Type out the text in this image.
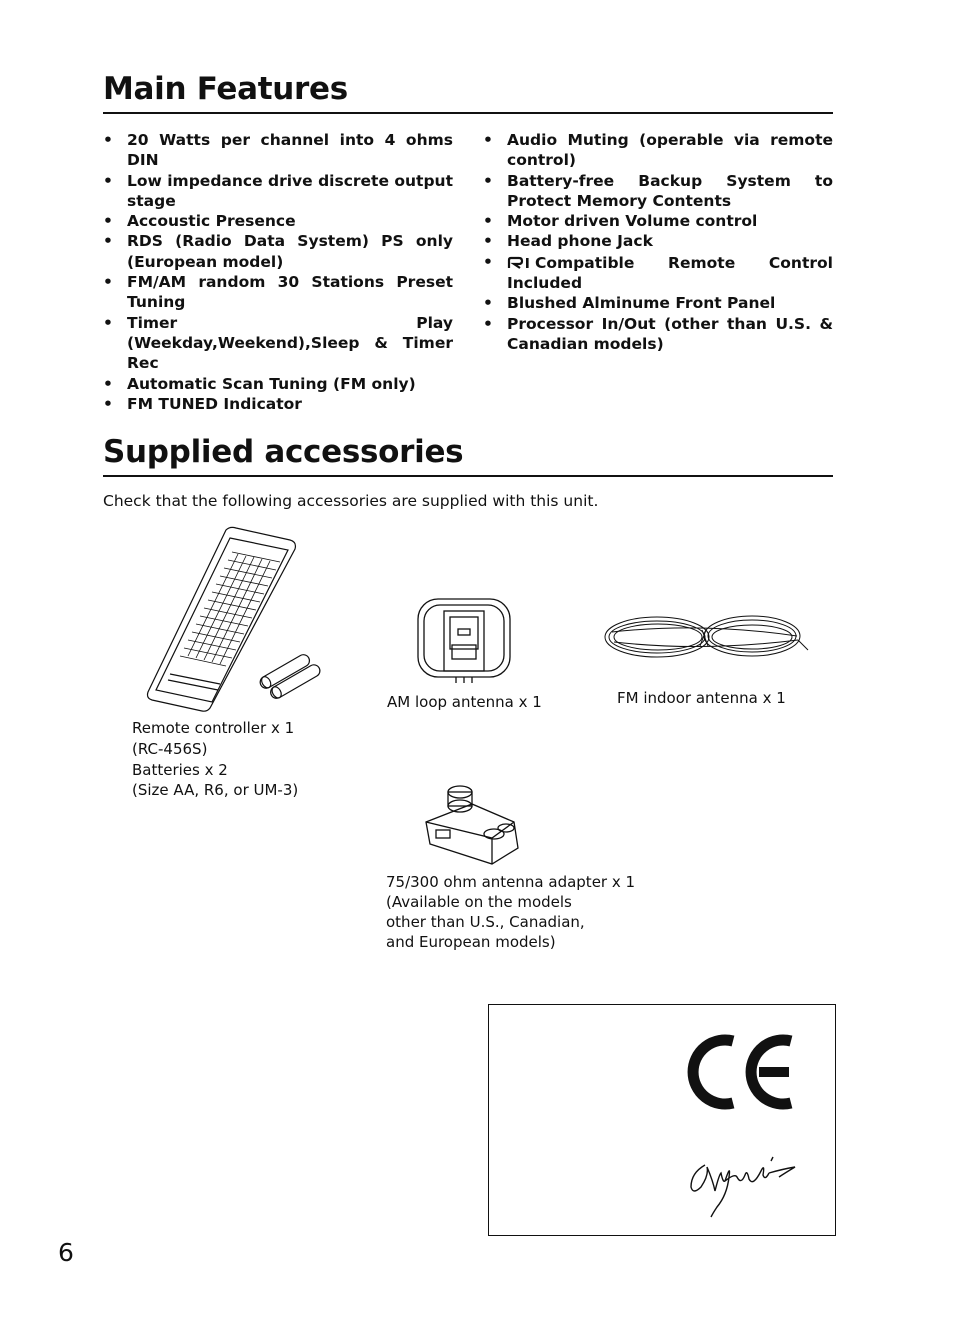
Main Features
• 20 Watts per channel into 4 ohms DIN
• Low impedance drive discrete output stage
• Accoustic Presence
• RDS (Radio Data System) PS only (European model)
• FM/AM random 30 Stations Preset Tuning
• Timer Play (Weekday,Weekend),Sleep & Timer Rec
• Automatic Scan Tuning (FM only)
• FM TUNED Indicator
• Audio Muting (operable via remote control)
• Battery-free Backup System to Protect Memory Contents
• Motor driven Volume control
• Head phone Jack
• Compatible Remote Control Included
• Blushed Alminume Front Panel
• Processor In/Out (other than U.S. & Canadian models)
Supplied accessories

Check that the following accessories are supplied with this unit.

Remote controller x 1
(RC-456S)
Batteries x 2
(Size AA, R6, or UM-3)
AM loop antenna x 1	FM indoor antenna x 1
75/300 ohm antenna adapter x 1
(Available on the models
other than U.S., Canadian,
and European models)
6
